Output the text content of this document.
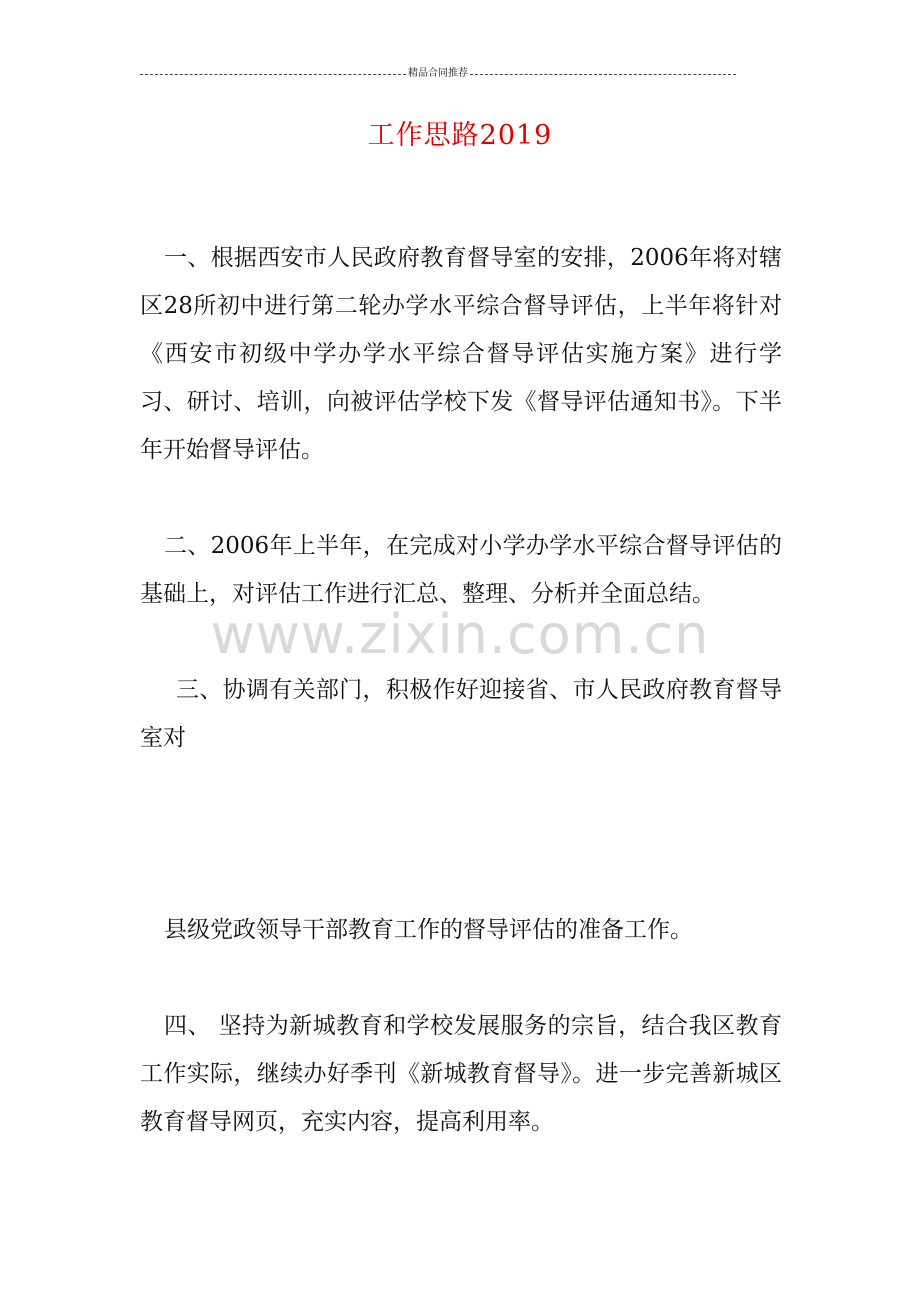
精品合同推荐
工作思路2019
www.zixin.com.cn

一、根据西安市人民政府教育督导室的安排，2006年将对辖区28所初中进行第二轮办学水平综合督导评估，上半年将针对《西安市初级中学办学水平综合督导评估实施方案》进行学习、研讨、培训，向被评估学校下发《督导评估通知书》。下半年开始督导评估。

二、2006年上半年，在完成对小学办学水平综合督导评估的基础上，对评估工作进行汇总、整理、分析并全面总结。

三、协调有关部门，积极作好迎接省、市人民政府教育督导室对

县级党政领导干部教育工作的督导评估的准备工作。

四、 坚持为新城教育和学校发展服务的宗旨，结合我区教育工作实际，继续办好季刊《新城教育督导》。进一步完善新城区教育督导网页，充实内容，提高利用率。
